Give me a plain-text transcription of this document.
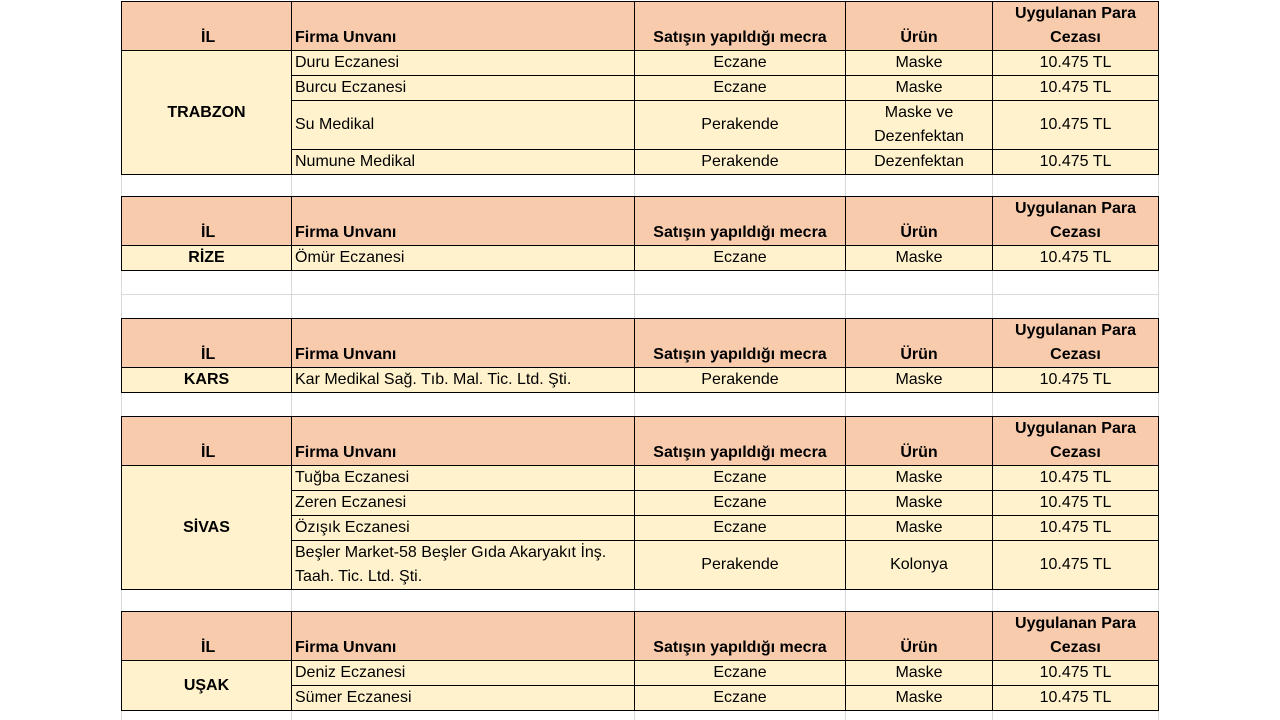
İL	Firma Unvanı	Satışın yapıldığı mecra	Ürün	Uygulanan Para Cezası
TRABZON	Duru Eczanesi	Eczane	Maske	10.475 TL
	Burcu Eczanesi	Eczane	Maske	10.475 TL
	Su Medikal	Perakende	Maske ve Dezenfektan	10.475 TL
	Numune Medikal	Perakende	Dezenfektan	10.475 TL
İL	Firma Unvanı	Satışın yapıldığı mecra	Ürün	Uygulanan Para Cezası
RİZE	Ömür Eczanesi	Eczane	Maske	10.475 TL
İL	Firma Unvanı	Satışın yapıldığı mecra	Ürün	Uygulanan Para Cezası
KARS	Kar Medikal Sağ. Tıb. Mal. Tic. Ltd. Şti.	Perakende	Maske	10.475 TL
İL	Firma Unvanı	Satışın yapıldığı mecra	Ürün	Uygulanan Para Cezası
SİVAS	Tuğba Eczanesi	Eczane	Maske	10.475 TL
	Zeren Eczanesi	Eczane	Maske	10.475 TL
	Özışık Eczanesi	Eczane	Maske	10.475 TL
	Beşler Market-58 Beşler Gıda Akaryakıt İnş. Taah. Tic. Ltd. Şti.	Perakende	Kolonya	10.475 TL
İL	Firma Unvanı	Satışın yapıldığı mecra	Ürün	Uygulanan Para Cezası
UŞAK	Deniz Eczanesi	Eczane	Maske	10.475 TL
	Sümer Eczanesi	Eczane	Maske	10.475 TL
